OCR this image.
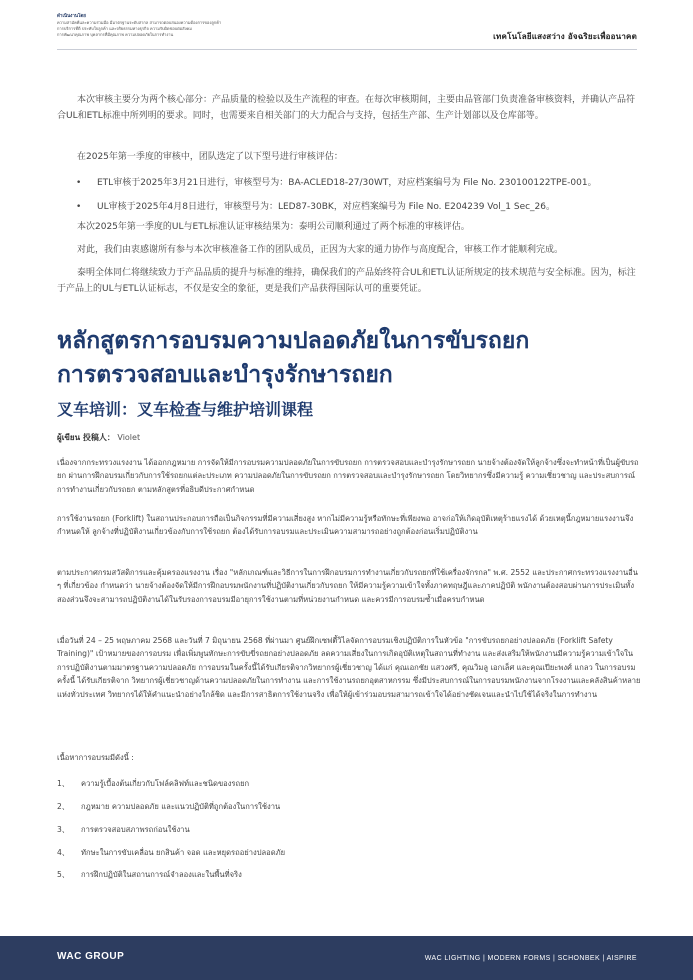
ดำเนินงานโดย
ความสามัคคีและความร่วมมือ มีมาตรฐานระดับสากล สามารถตอบสนองความต้องการของลูกค้า
การบริการที่ดี ประทับใจลูกค้า และจริยธรรมทางธุรกิจ ความรับผิดชอบต่อสังคม
การพัฒนาคุณภาพ บุคลากรที่มีคุณภาพ ความปลอดภัยในการทำงาน	เทคโนโลยีแสงสว่าง อัจฉริยะเพื่ออนาคต
本次审核主要分为两个核心部分：产品质量的检验以及生产流程的审查。在每次审核期间，主要由品管部门负责准备审核资料，并确认产品符合UL和ETL标准中所列明的要求。同时，也需要来自相关部门的大力配合与支持，包括生产部、生产计划部以及仓库部等。
在2025年第一季度的审核中，团队选定了以下型号进行审核评估：
• ETL审核于2025年3月21日进行，审核型号为：BA-ACLED18-27/30WT，对应档案编号为 File No. 230100122TPE-001。
• UL审核于2025年4月8日进行，审核型号为：LED87-30BK，对应档案编号为 File No. E204239 Vol_1 Sec_26。
本次2025年第一季度的UL与ETL标准认证审核结果为：泰明公司顺利通过了两个标准的审核评估。
对此，我们由衷感谢所有参与本次审核准备工作的团队成员，正因为大家的通力协作与高度配合，审核工作才能顺利完成。
泰明全体同仁将继续致力于产品品质的提升与标准的维持，确保我们的产品始终符合UL和ETL认证所规定的技术规范与安全标准。因为，标注于产品上的UL与ETL认证标志，不仅是安全的象征，更是我们产品获得国际认可的重要凭证。
หลักสูตรการอบรมความปลอดภัยในการขับรถยก
การตรวจสอบและบำรุงรักษารถยก
叉车培训：叉车检查与维护培训课程
ผู้เขียน 投稿人： Violet
เนื่องจากกระทรวงแรงงาน ได้ออกกฎหมาย การจัดให้มีการอบรมความปลอดภัยในการขับรถยก การตรวจสอบและบำรุงรักษารถยก นายจ้างต้องจัดให้ลูกจ้างซึ่งจะทำหน้าที่เป็นผู้ขับรถยก ผ่านการฝึกอบรมเกี่ยวกับการใช้รถยกแต่ละประเภท ความปลอดภัยในการขับรถยก การตรวจสอบและบำรุงรักษารถยก โดยวิทยากรซึ่งมีความรู้ ความเชี่ยวชาญ และประสบการณ์การทำงานเกี่ยวกับรถยก ตามหลักสูตรที่อธิบดีประกาศกำหนด
การใช้งานรถยก (Forklift) ในสถานประกอบการถือเป็นกิจกรรมที่มีความเสี่ยงสูง หากไม่มีความรู้หรือทักษะที่เพียงพอ อาจก่อให้เกิดอุบัติเหตุร้ายแรงได้ ด้วยเหตุนี้กฎหมายแรงงานจึงกำหนดให้ ลูกจ้างที่ปฏิบัติงานเกี่ยวข้องกับการใช้รถยก ต้องได้รับการอบรมและประเมินความสามารถอย่างถูกต้องก่อนเริ่มปฏิบัติงาน
ตามประกาศกรมสวัสดิการและคุ้มครองแรงงาน เรื่อง "หลักเกณฑ์และวิธีการในการฝึกอบรมการทำงานเกี่ยวกับรถยกที่ใช้เครื่องจักรกล" พ.ศ. 2552 และประกาศกระทรวงแรงงานอื่น ๆ ที่เกี่ยวข้อง กำหนดว่า นายจ้างต้องจัดให้มีการฝึกอบรมพนักงานที่ปฏิบัติงานเกี่ยวกับรถยก ให้มีความรู้ความเข้าใจทั้งภาคทฤษฎีและภาคปฏิบัติ พนักงานต้องสอบผ่านการประเมินทั้งสองส่วนจึงจะสามารถปฏิบัติงานได้ในรับรองการอบรมมีอายุการใช้งานตามที่หน่วยงานกำหนด และควรมีการอบรมซ้ำเมื่อครบกำหนด
เมื่อวันที่ 24 – 25 พฤษภาคม 2568 และวันที่ 7 มิถุนายน 2568 ที่ผ่านมา ศูนย์ฝึกเซฟตี้วิไลจัดการอบรมเชิงปฏิบัติการในหัวข้อ "การขับรถยกอย่างปลอดภัย (Forklift Safety Training)" เป้าหมายของการอบรม เพื่อเพิ่มพูนทักษะการขับขี่รถยกอย่างปลอดภัย ลดความเสี่ยงในการเกิดอุบัติเหตุในสถานที่ทำงาน และส่งเสริมให้พนักงานมีความรู้ความเข้าใจในการปฏิบัติงานตามมาตรฐานความปลอดภัย การอบรมในครั้งนี้ได้รับเกียรติจากวิทยากรผู้เชี่ยวชาญ ได้แก่ คุณเอกชัย แสวงศรี, คุณวิมลู เอกเล็ศ และคุณเปียะพงศ์ แกลว ในการอบรมครั้งนี้ ได้รับเกียรติจาก วิทยากรผู้เชี่ยวชาญด้านความปลอดภัยในการทำงาน และการใช้งานรถยกอุตสาหกรรม ซึ่งมีประสบการณ์ในการอบรมพนักงานจากโรงงานและคลังสินค้าหลายแห่งทั่วประเทศ วิทยากรได้ให้คำแนะนำอย่างใกล้ชิด และมีการสาธิตการใช้งานจริง เพื่อให้ผู้เข้าร่วมอบรมสามารถเข้าใจได้อย่างชัดเจนและนำไปใช้ได้จริงในการทำงาน
เนื้อหาการอบรมมีดังนี้ :
1、 ความรู้เบื้องต้นเกี่ยวกับโฟล์คลิฟท์และชนิดของรถยก
2、 กฎหมาย ความปลอดภัย และแนวปฏิบัติที่ถูกต้องในการใช้งาน
3、 การตรวจสอบสภาพรถก่อนใช้งาน
4、 ทักษะในการขับเคลื่อน ยกสินค้า จอด และหยุดรถอย่างปลอดภัย
5、 การฝึกปฏิบัติในสถานการณ์จำลองและในพื้นที่จริง
WAC GROUP	WAC LIGHTING | MODERN FORMS | SCHONBEK | AISPIRE
